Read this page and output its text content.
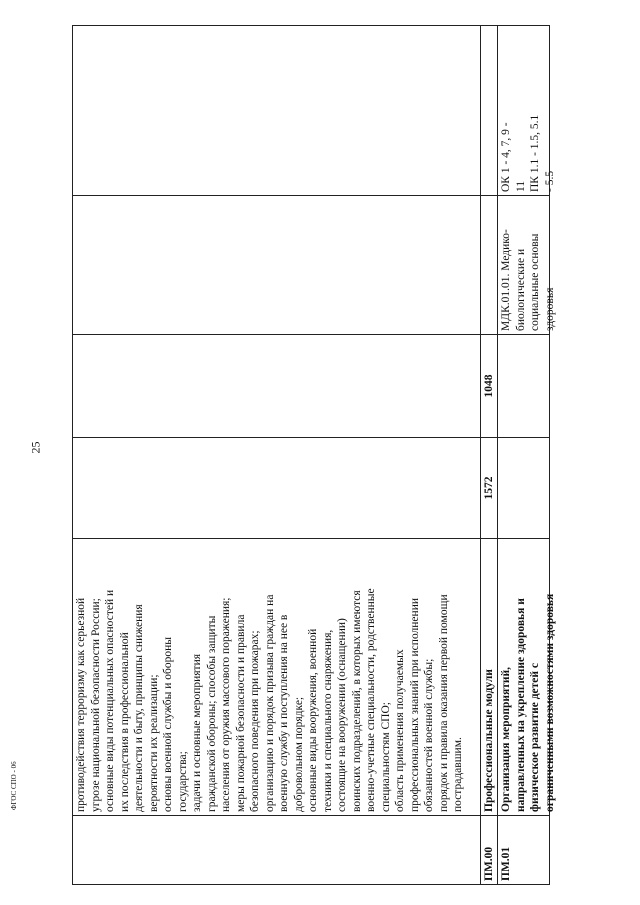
25
противодействия терроризму как серьезной угрозе национальной безопасности России; основные виды потенциальных опасностей и их последствия в профессиональной деятельности и быту, принципы снижения вероятности их реализации; основы военной службы и обороны государства; задачи и основные мероприятия гражданской обороны; способы защиты населения от оружия массового поражения; меры пожарной безопасности и правила безопасного поведения при пожарах; организацию и порядок призыва граждан на военную службу и поступления на нее в добровольном порядке; основные виды вооружения, военной техники и специального снаряжения, состоящие на вооружении (оснащении) воинских подразделений, в которых имеются военно-учетные специальности, родственные специальностям СПО; область применения получаемых профессиональных знаний при исполнении обязанностей военной службы; порядок и правила оказания первой помощи пострадавшим.
ПМ.00
Профессиональные модули
1572
1048
ПМ.01
Организация мероприятий, направленных на укрепление здоровья и физическое развитие детей с ограниченными возможностями здоровья
МДК.01.01. Медико- биологические и социальные основы здоровья
ОК 1 - 4, 7, 9 - 11 ПК 1.1 - 1.5, 5.1 - 5.5
ФГОС СПО - 06
